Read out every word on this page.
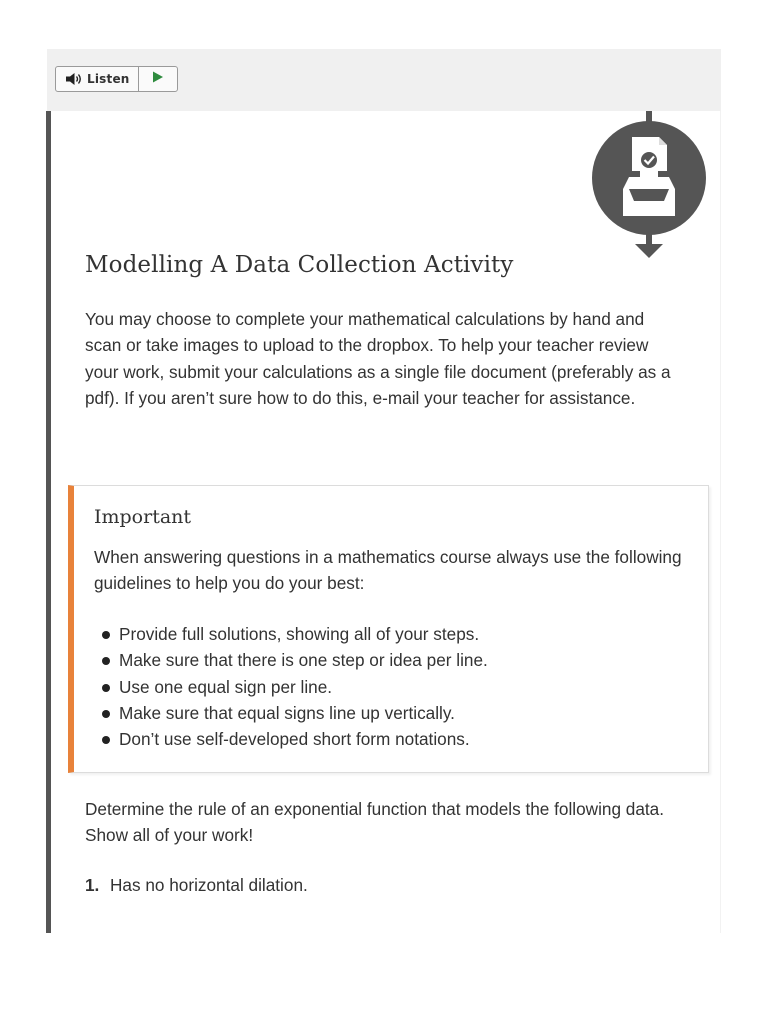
Listen
Modelling A Data Collection Activity

You may choose to complete your mathematical calculations by hand and scan or take images to upload to the dropbox. To help your teacher review your work, submit your calculations as a single file document (preferably as a pdf). If you aren’t sure how to do this, e-mail your teacher for assistance.

Important

When answering questions in a mathematics course always use the following guidelines to help you do your best:

Provide full solutions, showing all of your steps.
Make sure that there is one step or idea per line.
Use one equal sign per line.
Make sure that equal signs line up vertically.
Don’t use self-developed short form notations.

Determine the rule of an exponential function that models the following data. Show all of your work!

1. Has no horizontal dilation.
